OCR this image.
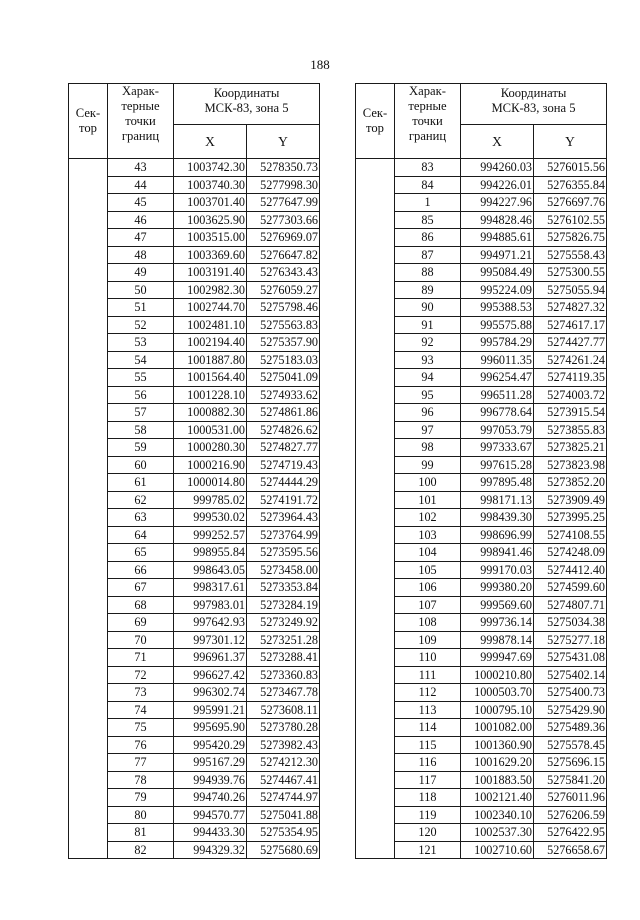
188
Сек-
тор	Харак-
терные
точки
границ	Координаты
МСК-83, зона 5	

		X	Y
	43	1003742.30	5278350.73
	44	1003740.30	5277998.30
	45	1003701.40	5277647.99
	46	1003625.90	5277303.66
	47	1003515.00	5276969.07
	48	1003369.60	5276647.82
	49	1003191.40	5276343.43
	50	1002982.30	5276059.27
	51	1002744.70	5275798.46
	52	1002481.10	5275563.83
	53	1002194.40	5275357.90
	54	1001887.80	5275183.03
	55	1001564.40	5275041.09
	56	1001228.10	5274933.62
	57	1000882.30	5274861.86
	58	1000531.00	5274826.62
	59	1000280.30	5274827.77
	60	1000216.90	5274719.43
	61	1000014.80	5274444.29
	62	999785.02	5274191.72
	63	999530.02	5273964.43
	64	999252.57	5273764.99
	65	998955.84	5273595.56
	66	998643.05	5273458.00
	67	998317.61	5273353.84
	68	997983.01	5273284.19
	69	997642.93	5273249.92
	70	997301.12	5273251.28
	71	996961.37	5273288.41
	72	996627.42	5273360.83
	73	996302.74	5273467.78
	74	995991.21	5273608.11
	75	995695.90	5273780.28
	76	995420.29	5273982.43
	77	995167.29	5274212.30
	78	994939.76	5274467.41
	79	994740.26	5274744.97
	80	994570.77	5275041.88
	81	994433.30	5275354.95
	82	994329.32	5275680.69
Сек-
тор	Харак-
терные
точки
границ	Координаты
МСК-83, зона 5	

		X	Y
	83	994260.03	5276015.56
	84	994226.01	5276355.84
	1	994227.96	5276697.76
	85	994828.46	5276102.55
	86	994885.61	5275826.75
	87	994971.21	5275558.43
	88	995084.49	5275300.55
	89	995224.09	5275055.94
	90	995388.53	5274827.32
	91	995575.88	5274617.17
	92	995784.29	5274427.77
	93	996011.35	5274261.24
	94	996254.47	5274119.35
	95	996511.28	5274003.72
	96	996778.64	5273915.54
	97	997053.79	5273855.83
	98	997333.67	5273825.21
	99	997615.28	5273823.98
	100	997895.48	5273852.20
	101	998171.13	5273909.49
	102	998439.30	5273995.25
	103	998696.99	5274108.55
	104	998941.46	5274248.09
	105	999170.03	5274412.40
	106	999380.20	5274599.60
	107	999569.60	5274807.71
	108	999736.14	5275034.38
	109	999878.14	5275277.18
	110	999947.69	5275431.08
	111	1000210.80	5275402.14
	112	1000503.70	5275400.73
	113	1000795.10	5275429.90
	114	1001082.00	5275489.36
	115	1001360.90	5275578.45
	116	1001629.20	5275696.15
	117	1001883.50	5275841.20
	118	1002121.40	5276011.96
	119	1002340.10	5276206.59
	120	1002537.30	5276422.95
	121	1002710.60	5276658.67
